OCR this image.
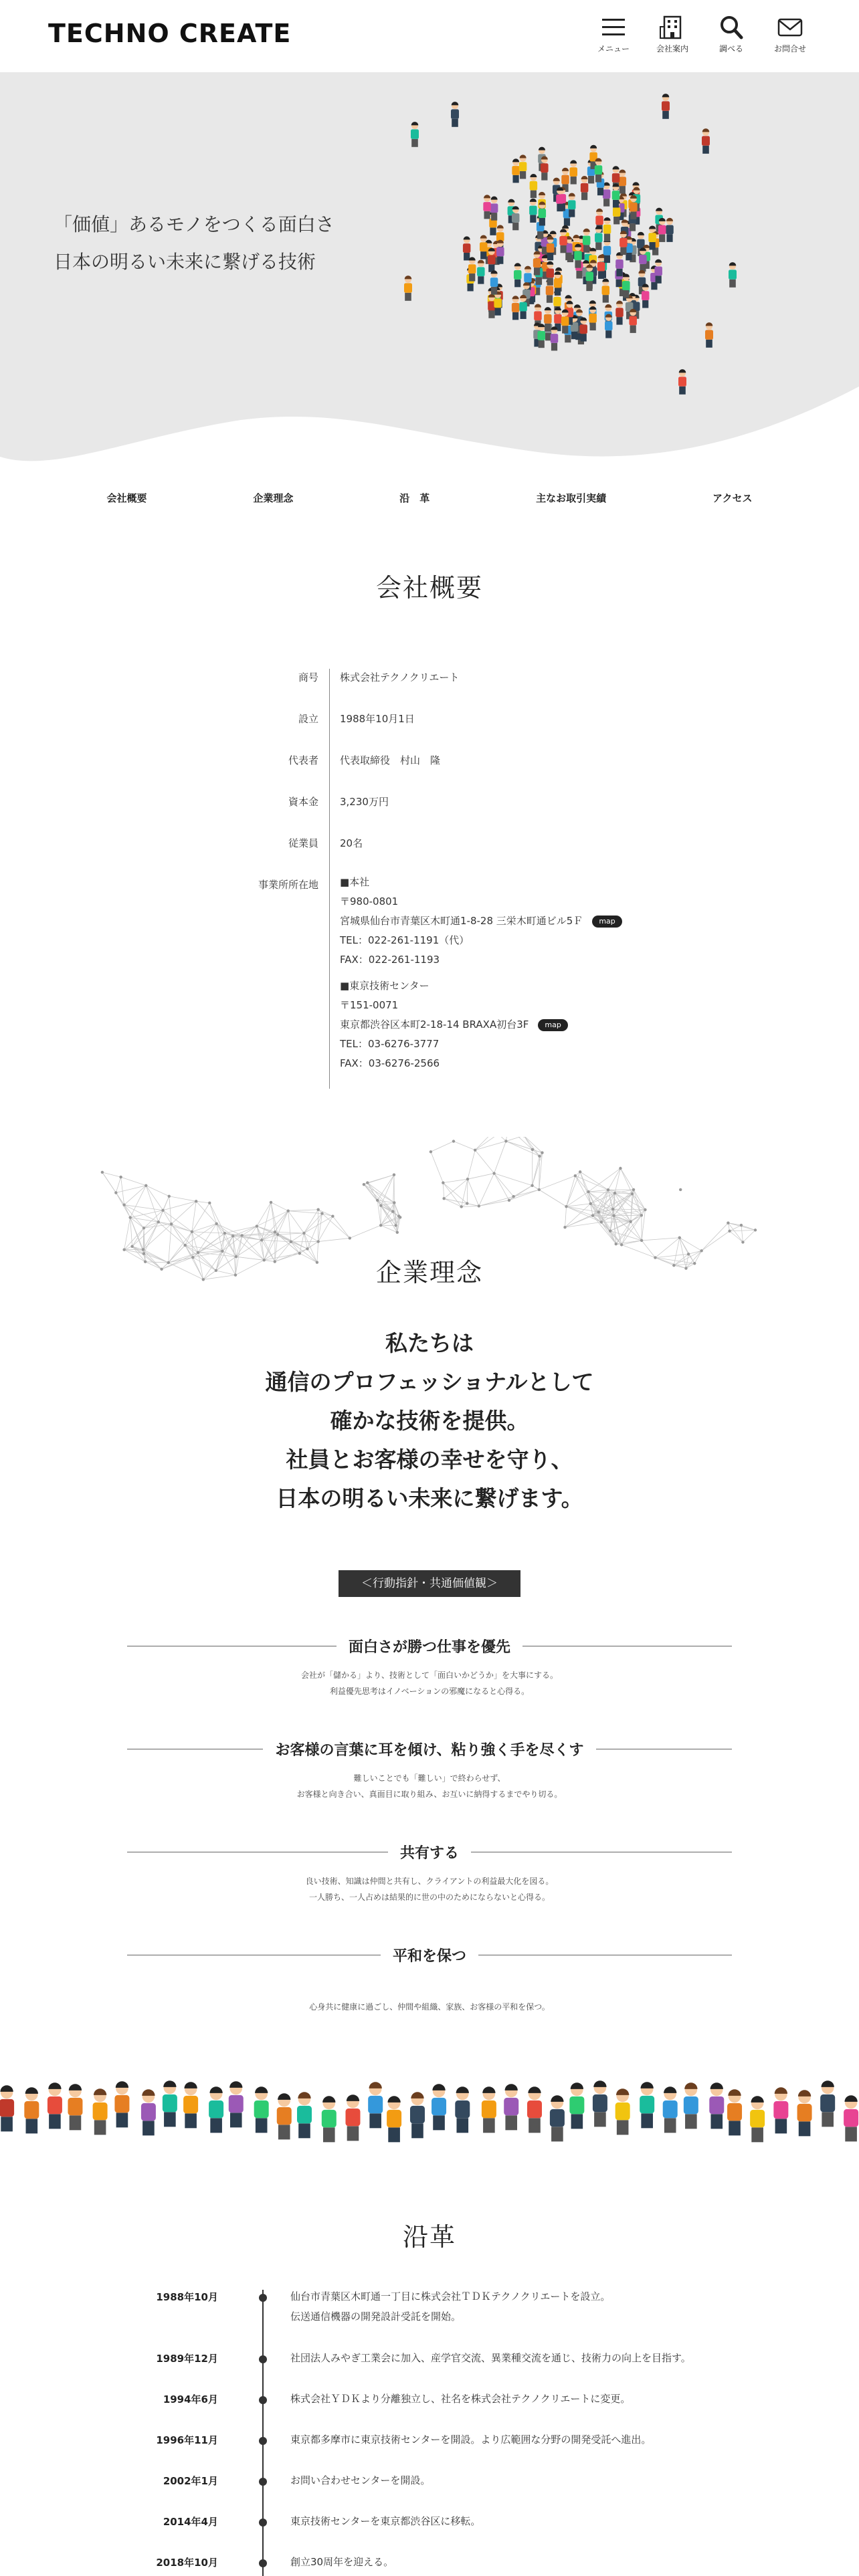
TECHNO CREATE
メニュー	会社案内	調べる	お問合せ
「価値」あるモノをつくる面白さ
日本の明るい未来に繋げる技術
会社概要	企業理念	沿　革	主なお取引実績	アクセス
会社概要
商号 株式会社テクノクリエート
設立 1988年10月1日
代表者 代表取締役　村山　隆
資本金 3,230万円
従業員 20名
事業所所在地 ■本社
〒980-0801
宮城県仙台市青葉区木町通1-8-28 三栄木町通ビル5Ｆ map
TEL：022-261-1191（代）
FAX：022-261-1193
■東京技術センター
〒151-0071
東京都渋谷区本町2-18-14 BRAXA初台3F map
TEL：03-6276-3777
FAX：03-6276-2566
企業理念
私たちは
通信のプロフェッショナルとして
確かな技術を提供。
社員とお客様の幸せを守り、
日本の明るい未来に繋げます。
＜行動指針・共通価値観＞
面白さが勝つ仕事を優先

会社が「儲かる」より、技術として「面白いかどうか」を大事にする。
利益優先思考はイノベーションの邪魔になると心得る。

お客様の言葉に耳を傾け、粘り強く手を尽くす

難しいことでも「難しい」で終わらせず、
お客様と向き合い、真面目に取り組み、お互いに納得するまでやり切る。

共有する

良い技術、知識は仲間と共有し、クライアントの利益最大化を図る。
一人勝ち、一人占めは結果的に世の中のためにならないと心得る。

平和を保つ

心身共に健康に過ごし、仲間や組織、家族、お客様の平和を保つ。

沿革
1988年10月	仙台市青葉区木町通一丁目に株式会社ＴＤＫテクノクリエートを設立。
伝送通信機器の開発設計受託を開始。
1989年12月	社団法人みやぎ工業会に加入、産学官交流、異業種交流を通じ、技術力の向上を目指す。
1994年6月	株式会社ＹＤＫより分離独立し、社名を株式会社テクノクリエートに変更。
1996年11月	東京都多摩市に東京技術センターを開設。より広範囲な分野の開発受託へ進出。
2002年1月	お問い合わせセンターを開設。
2014年4月	東京技術センターを東京都渋谷区に移転。
2018年10月	創立30周年を迎える。
